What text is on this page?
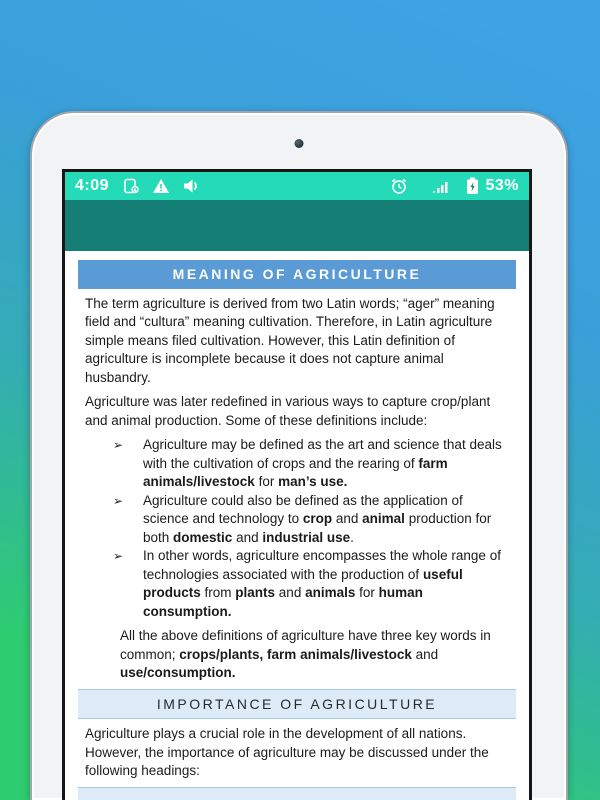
4:09	53%
MEANING OF AGRICULTURE

The term agriculture is derived from two Latin words; “ager” meaning field and “cultura” meaning cultivation. Therefore, in Latin agriculture simple means filed cultivation. However, this Latin definition of agriculture is incomplete because it does not capture animal husbandry.

Agriculture was later redefined in various ways to capture crop/plant and animal production. Some of these definitions include:

➢ Agriculture may be defined as the art and science that deals with the cultivation of crops and the rearing of farm animals/livestock for man’s use.
➢ Agriculture could also be defined as the application of science and technology to crop and animal production for both domestic and industrial use.
➢ In other words, agriculture encompasses the whole range of technologies associated with the production of useful products from plants and animals for human consumption.

All the above definitions of agriculture have three key words in common; crops/plants, farm animals/livestock and use/consumption.

IMPORTANCE OF AGRICULTURE

Agriculture plays a crucial role in the development of all nations. However, the importance of agriculture may be discussed under the following headings:
